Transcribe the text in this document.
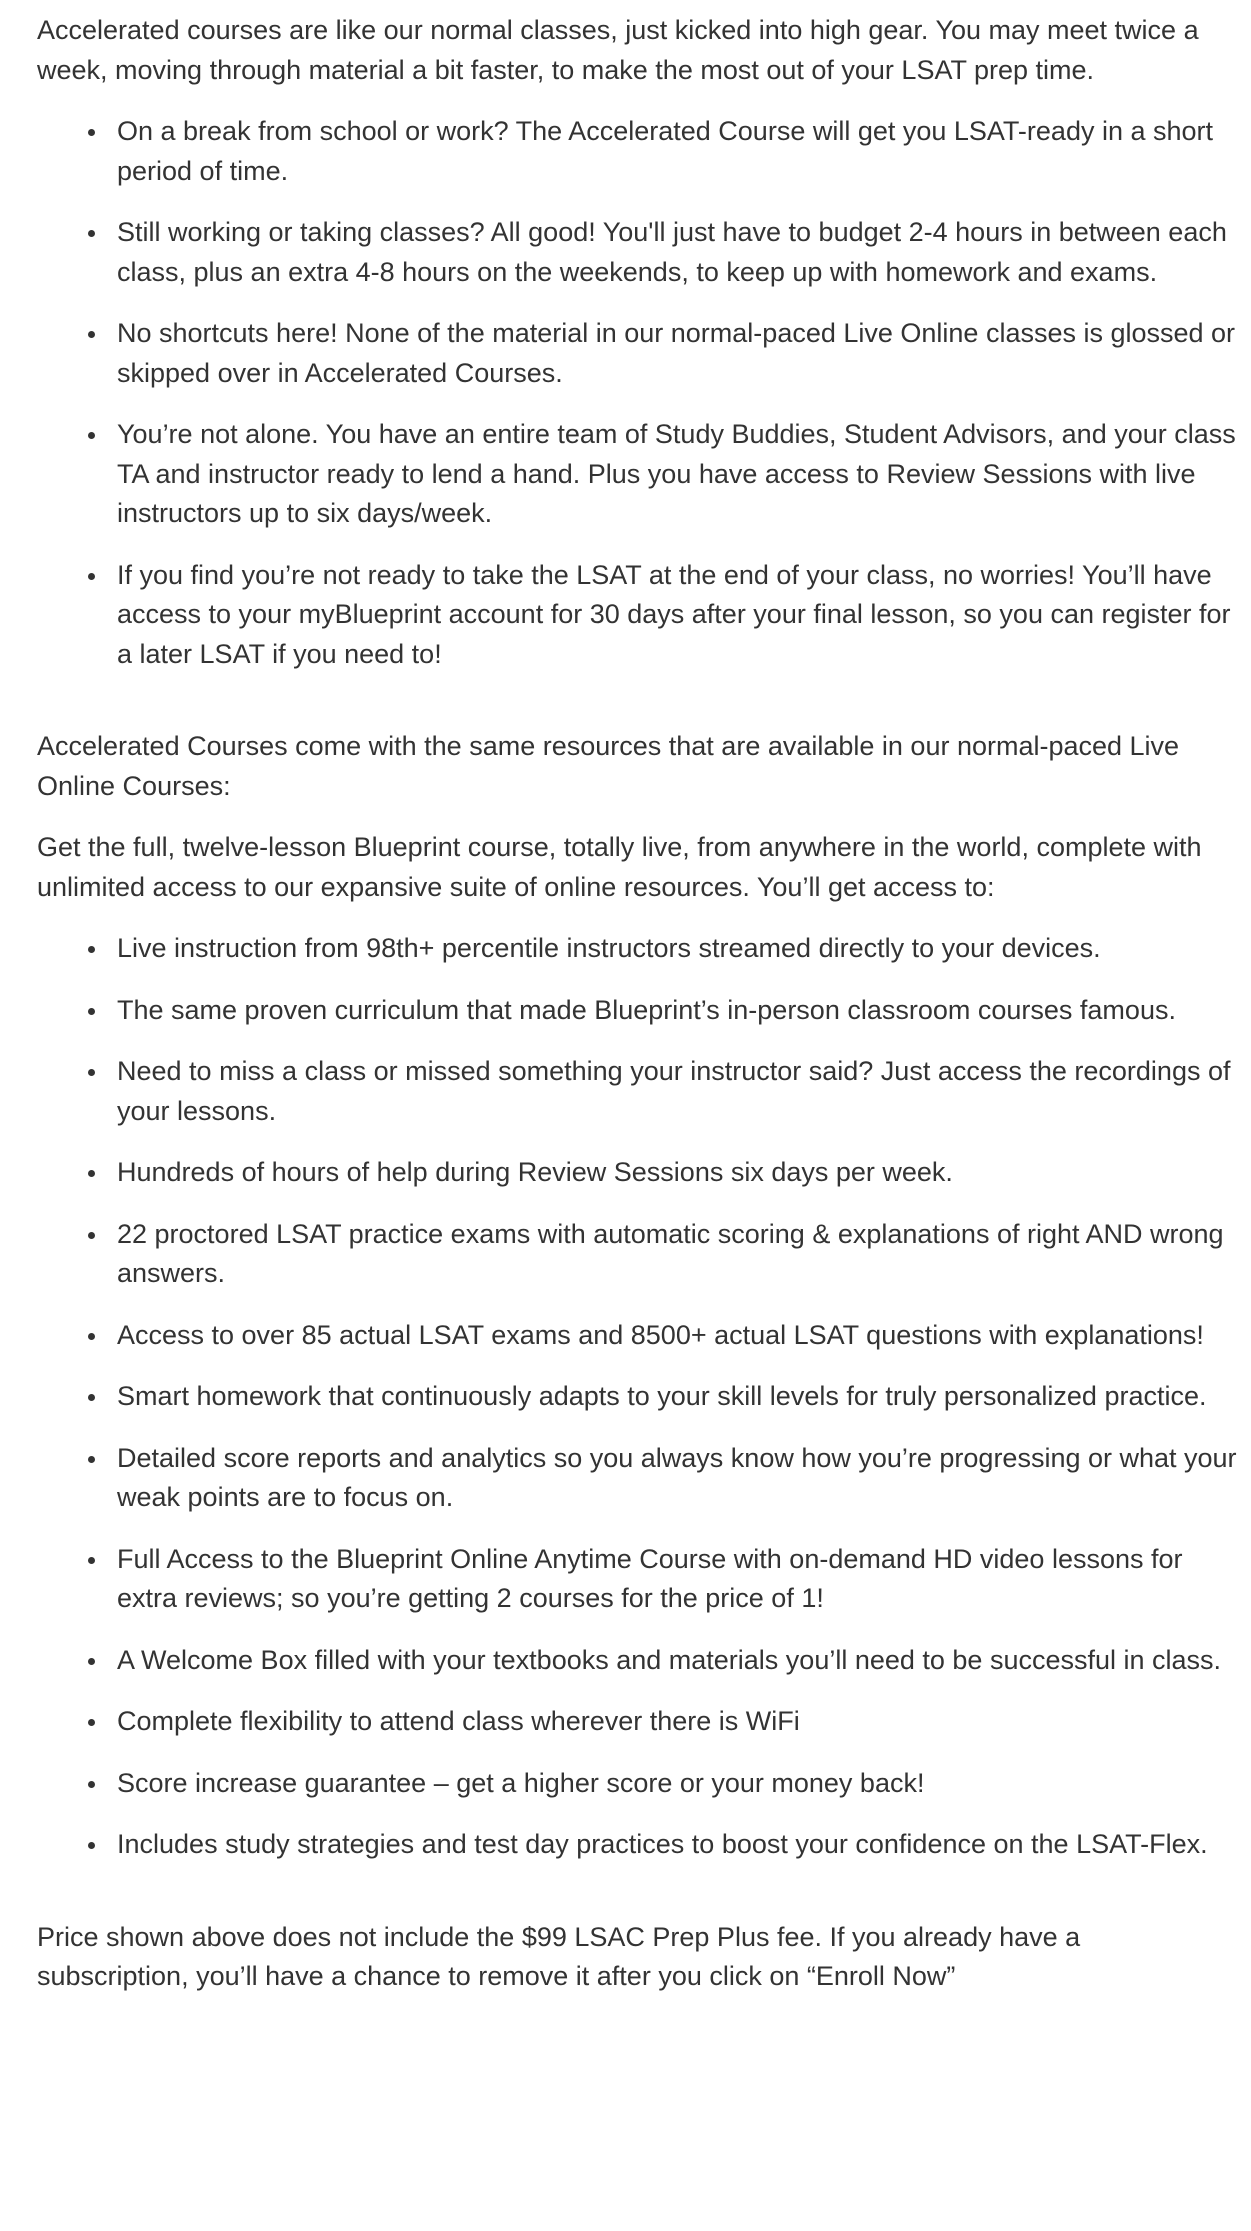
Accelerated courses are like our normal classes, just kicked into high gear. You may meet twice a week, moving through material a bit faster, to make the most out of your LSAT prep time.

On a break from school or work? The Accelerated Course will get you LSAT-ready in a short period of time.
Still working or taking classes? All good! You'll just have to budget 2-4 hours in between each class, plus an extra 4-8 hours on the weekends, to keep up with homework and exams.
No shortcuts here! None of the material in our normal-paced Live Online classes is glossed or skipped over in Accelerated Courses.
You’re not alone. You have an entire team of Study Buddies, Student Advisors, and your class TA and instructor ready to lend a hand. Plus you have access to Review Sessions with live instructors up to six days/week.
If you find you’re not ready to take the LSAT at the end of your class, no worries! You’ll have access to your myBlueprint account for 30 days after your final lesson, so you can register for a later LSAT if you need to!

Accelerated Courses come with the same resources that are available in our normal-paced Live Online Courses:

Get the full, twelve-lesson Blueprint course, totally live, from anywhere in the world, complete with unlimited access to our expansive suite of online resources. You’ll get access to:

Live instruction from 98th+ percentile instructors streamed directly to your devices.
The same proven curriculum that made Blueprint’s in-person classroom courses famous.
Need to miss a class or missed something your instructor said? Just access the recordings of your lessons.
Hundreds of hours of help during Review Sessions six days per week.
22 proctored LSAT practice exams with automatic scoring & explanations of right AND wrong answers.
Access to over 85 actual LSAT exams and 8500+ actual LSAT questions with explanations!
Smart homework that continuously adapts to your skill levels for truly personalized practice.
Detailed score reports and analytics so you always know how you’re progressing or what your weak points are to focus on.
Full Access to the Blueprint Online Anytime Course with on-demand HD video lessons for extra reviews; so you’re getting 2 courses for the price of 1!
A Welcome Box filled with your textbooks and materials you’ll need to be successful in class.
Complete flexibility to attend class wherever there is WiFi
Score increase guarantee – get a higher score or your money back!
Includes study strategies and test day practices to boost your confidence on the LSAT-Flex.

Price shown above does not include the $99 LSAC Prep Plus fee. If you already have a subscription, you’ll have a chance to remove it after you click on “Enroll Now”
